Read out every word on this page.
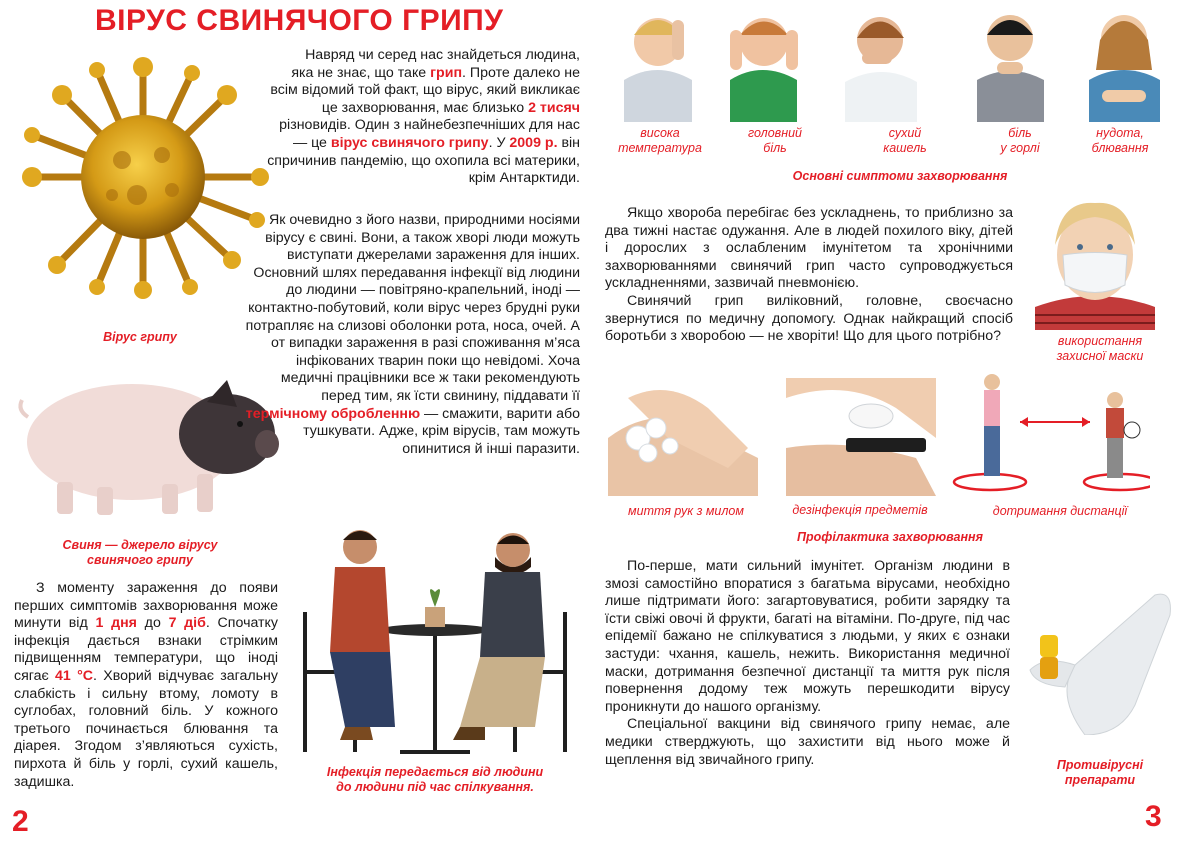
ВІРУС СВИНЯЧОГО ГРИПУ
Вірус грипу
Свиня — джерело вірусу
свинячого грипу

Навряд чи серед нас знайдеться людина, яка не знає, що таке грип. Проте далеко не всім відомий той факт, що вірус, який викликає це захворювання, має близько 2 тисяч різновидів. Один з найнебезпечніших для нас — це вірус свинячого грипу. У 2009 р. він спричинив пандемію, що охопила всі материки, крім Антарктиди.

Як очевидно з його назви, природними носіями вірусу є свині. Вони, а також хворі люди можуть виступати джерелами зараження для інших. Основний шлях передавання інфекції від людини до людини — повітряно-крапельний, іноді — контактно-побутовий, коли вірус через брудні руки потрапляє на слизові оболонки рота, носа, очей. А от випадки зараження в разі споживання м’яса інфікованих тварин поки що невідомі. Хоча медичні працівники все ж таки рекомендують перед тим, як їсти свинину, піддавати її термічному обробленню — смажити, варити або тушкувати. Адже, крім вірусів, там можуть опинитися й інші паразити.

З моменту зараження до появи перших симптомів захворювання може минути від 1 дня до 7 діб. Спочатку інфекція дається взнаки стрімким підвищенням температури, що іноді сягає 41 °С. Хворий відчуває загальну слабкість і сильну втому, ломоту в суглобах, головний біль. У кожного третього починається блювання та діарея. Згодом з’являються сухість, пирхота й біль у горлі, сухий кашель, задишка.

Інфекція передається від людини
до людини під час спілкування.
2
висока
температура
головний
біль
сухий
кашель
біль
у горлі
нудота,
блювання
Основні симптоми захворювання

Якщо хвороба перебігає без ускладнень, то приблизно за два тижні настає одужання. Але в людей похилого віку, дітей і дорослих з ослабленим імунітетом та хронічними захворюваннями свинячий грип часто супроводжується ускладненнями, зазвичай пневмонією.

Свинячий грип виліковний, головне, своєчасно звернутися по медичну допомогу. Однак найкращий спосіб боротьби з хворобою — не хворіти! Що для цього потрібно?	використання
захисної маски
миття рук з милом	дезінфекція предметів	дотримання дистанції
Профілактика захворювання

По-перше, мати сильний імунітет. Організм людини в змозі самостійно впоратися з багатьма вірусами, необхідно лише підтримати його: загартовуватися, робити зарядку та їсти свіжі овочі й фрукти, багаті на вітаміни. По-друге, під час епідемії бажано не спілкуватися з людьми, у яких є ознаки застуди: чхання, кашель, нежить. Використання медичної маски, дотримання безпечної дистанції та миття рук після повернення додому теж можуть перешкодити вірусу проникнути до нашого організму.

Спеціальної вакцини від свинячого грипу немає, але медики стверджують, що захистити від нього може й щеплення від звичайного грипу.	Противірусні
препарати
3
